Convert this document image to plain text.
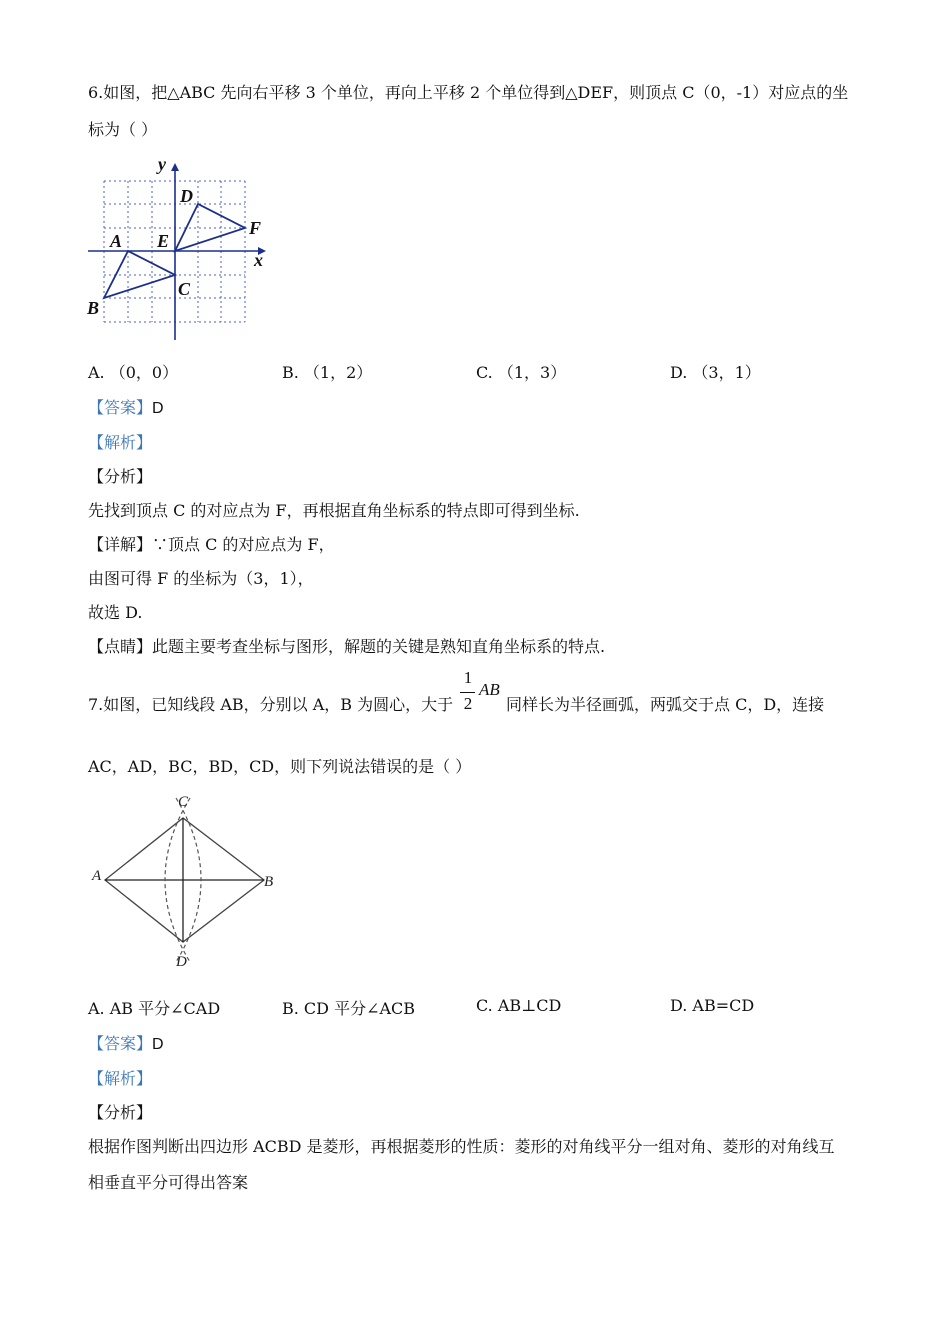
6.如图，把△ABC 先向右平移 3 个单位，再向上平移 2 个单位得到△DEF，则顶点 C（0，-1）对应点的坐
标为（ ）
y
x
A
B
C
D
E
F
A. （0，0）	B. （1，2）	C. （1，3）	D. （3，1）
【答案】D
【解析】
【分析】
先找到顶点 C 的对应点为 F，再根据直角坐标系的特点即可得到坐标.
【详解】∵顶点 C 的对应点为 F，
由图可得 F 的坐标为（3，1），
故选 D.
【点睛】此题主要考查坐标与图形，解题的关键是熟知直角坐标系的特点.
7.如图，已知线段 AB，分别以 A，B 为圆心，大于
1
2
AB
同样长为半径画弧，两弧交于点 C，D，连接
AC，AD，BC，BD，CD，则下列说法错误的是（ ）
A	B
C
D
A. AB 平分∠CAD	B. CD 平分∠ACB	C. AB⊥CD	D. AB=CD
【答案】D
【解析】
【分析】
根据作图判断出四边形 ACBD 是菱形，再根据菱形的性质：菱形的对角线平分一组对角、菱形的对角线互
相垂直平分可得出答案
